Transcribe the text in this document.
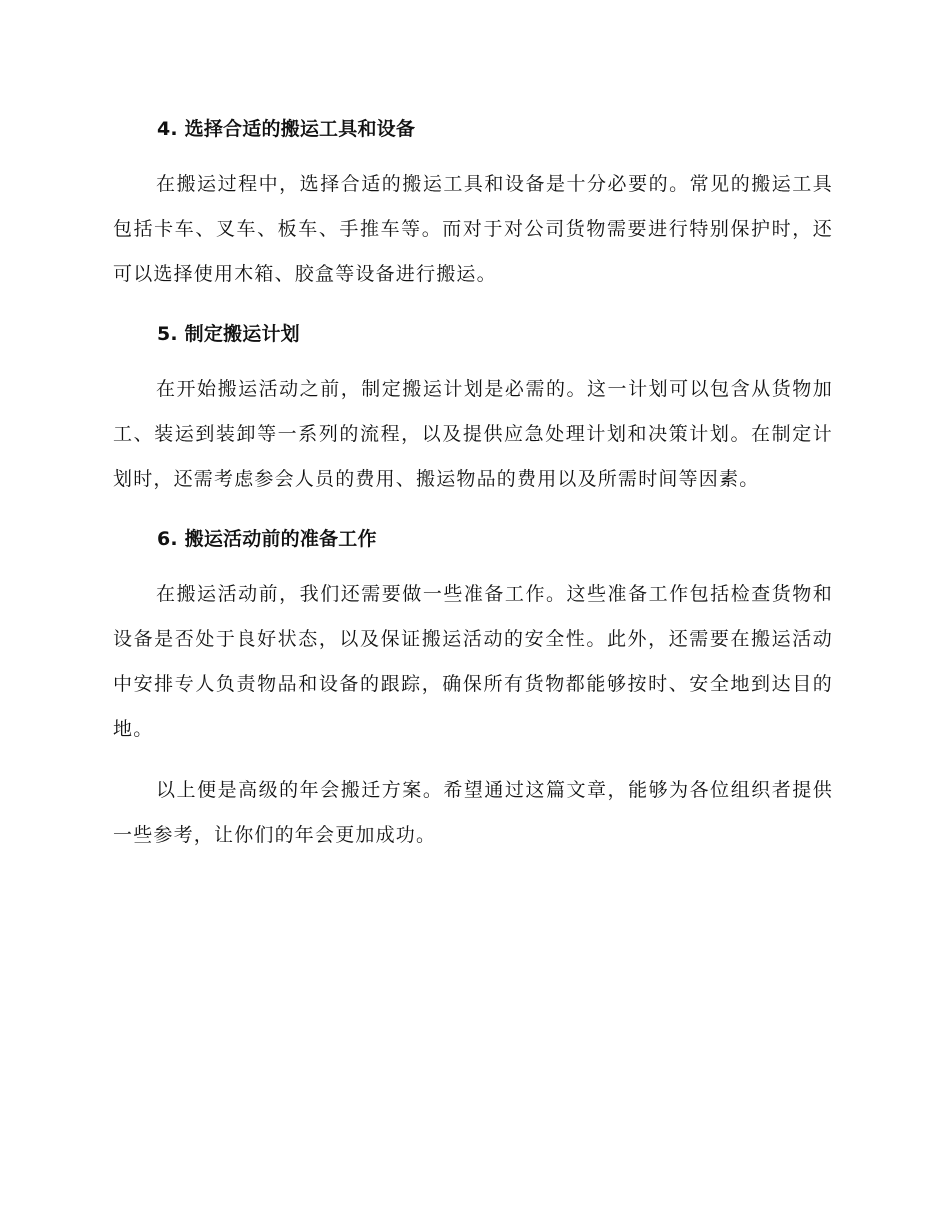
4. 选择合适的搬运工具和设备

在搬运过程中，选择合适的搬运工具和设备是十分必要的。常见的搬运工具包括卡车、叉车、板车、手推车等。而对于对公司货物需要进行特别保护时，还可以选择使用木箱、胶盒等设备进行搬运。

5. 制定搬运计划

在开始搬运活动之前，制定搬运计划是必需的。这一计划可以包含从货物加工、装运到装卸等一系列的流程，以及提供应急处理计划和决策计划。在制定计划时，还需考虑参会人员的费用、搬运物品的费用以及所需时间等因素。

6. 搬运活动前的准备工作

在搬运活动前，我们还需要做一些准备工作。这些准备工作包括检查货物和设备是否处于良好状态，以及保证搬运活动的安全性。此外，还需要在搬运活动中安排专人负责物品和设备的跟踪，确保所有货物都能够按时、安全地到达目的地。

以上便是高级的年会搬迁方案。希望通过这篇文章，能够为各位组织者提供一些参考，让你们的年会更加成功。
